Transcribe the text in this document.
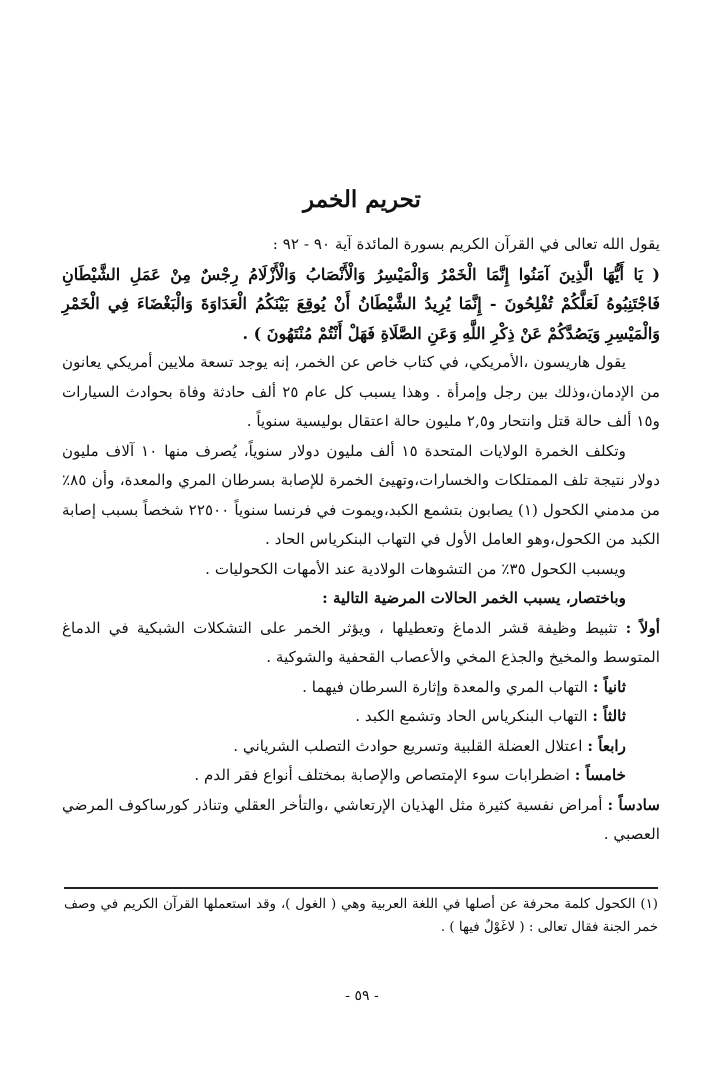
تحريم الخمر

يقول الله تعالى في القرآن الكريم بسورة المائدة آية ٩٠ - ٩٢ :

( يَا أَيُّهَا الَّذِينَ آمَنُوا إِنَّمَا الْخَمْرُ وَالْمَيْسِرُ وَالْأَنْصَابُ وَالْأَزْلَامُ رِجْسٌ مِنْ عَمَلِ الشَّيْطَانِ فَاجْتَنِبُوهُ لَعَلَّكُمْ تُفْلِحُونَ - إِنَّمَا يُرِيدُ الشَّيْطَانُ أَنْ يُوقِعَ بَيْنَكُمُ الْعَدَاوَةَ وَالْبَغْضَاءَ فِي الْخَمْرِ وَالْمَيْسِرِ وَيَصُدَّكُمْ عَنْ ذِكْرِ اللَّهِ وَعَنِ الصَّلَاةِ فَهَلْ أَنْتُمْ مُنْتَهُونَ ) .

يقول هاريسون ،الأمريكي، في كتاب خاص عن الخمر، إنه يوجد تسعة ملايين أمريكي يعانون من الإدمان،وذلك بين رجل وإمرأة . وهذا يسبب كل عام ٢٥ ألف حادثة وفاة بحوادث السيارات و١٥ ألف حالة قتل وانتحار و٢,٥ مليون حالة اعتقال بوليسية سنوياً .

وتكلف الخمرة الولايات المتحدة ١٥ ألف مليون دولار سنوياً، يُصرف منها ١٠ آلاف مليون دولار نتيجة تلف الممتلكات والخسارات،وتهيئ الخمرة للإصابة بسرطان المري والمعدة، وأن ٨٥٪ من مدمني الكحول (١) يصابون بتشمع الكبد،ويموت في فرنسا سنوياً ٢٢٥٠٠ شخصاً بسبب إصابة الكبد من الكحول،وهو العامل الأول في التهاب البنكرياس الحاد .

ويسبب الكحول ٣٥٪ من التشوهات الولادية عند الأمهات الكحوليات .

وباختصار، يسبب الخمر الحالات المرضية التالية :

أولاً : تثبيط وظيفة قشر الدماغ وتعطيلها ، ويؤثر الخمر على التشكلات الشبكية في الدماغ المتوسط والمخيخ والجذع المخي والأعصاب القحفية والشوكية .

ثانياً : التهاب المري والمعدة وإثارة السرطان فيهما .

ثالثاً : التهاب البنكرياس الحاد وتشمع الكبد .

رابعاً : اعتلال العضلة القلبية وتسريع حوادث التصلب الشرياني .

خامساً : اضطرابات سوء الإمتصاص والإصابة بمختلف أنواع فقر الدم .

سادساً : أمراض نفسية كثيرة مثل الهذيان الإرتعاشي ،والتأخر العقلي وتناذر كورساكوف المرضي العصبي .

(١) الكحول كلمة محرفة عن أصلها في اللغة العربية وهي ( الغول )، وقد استعملها القرآن الكريم في وصف خمر الجنة فقال تعالى : ( لاغَوْلٌ فيها ) .
- ٥٩ -
